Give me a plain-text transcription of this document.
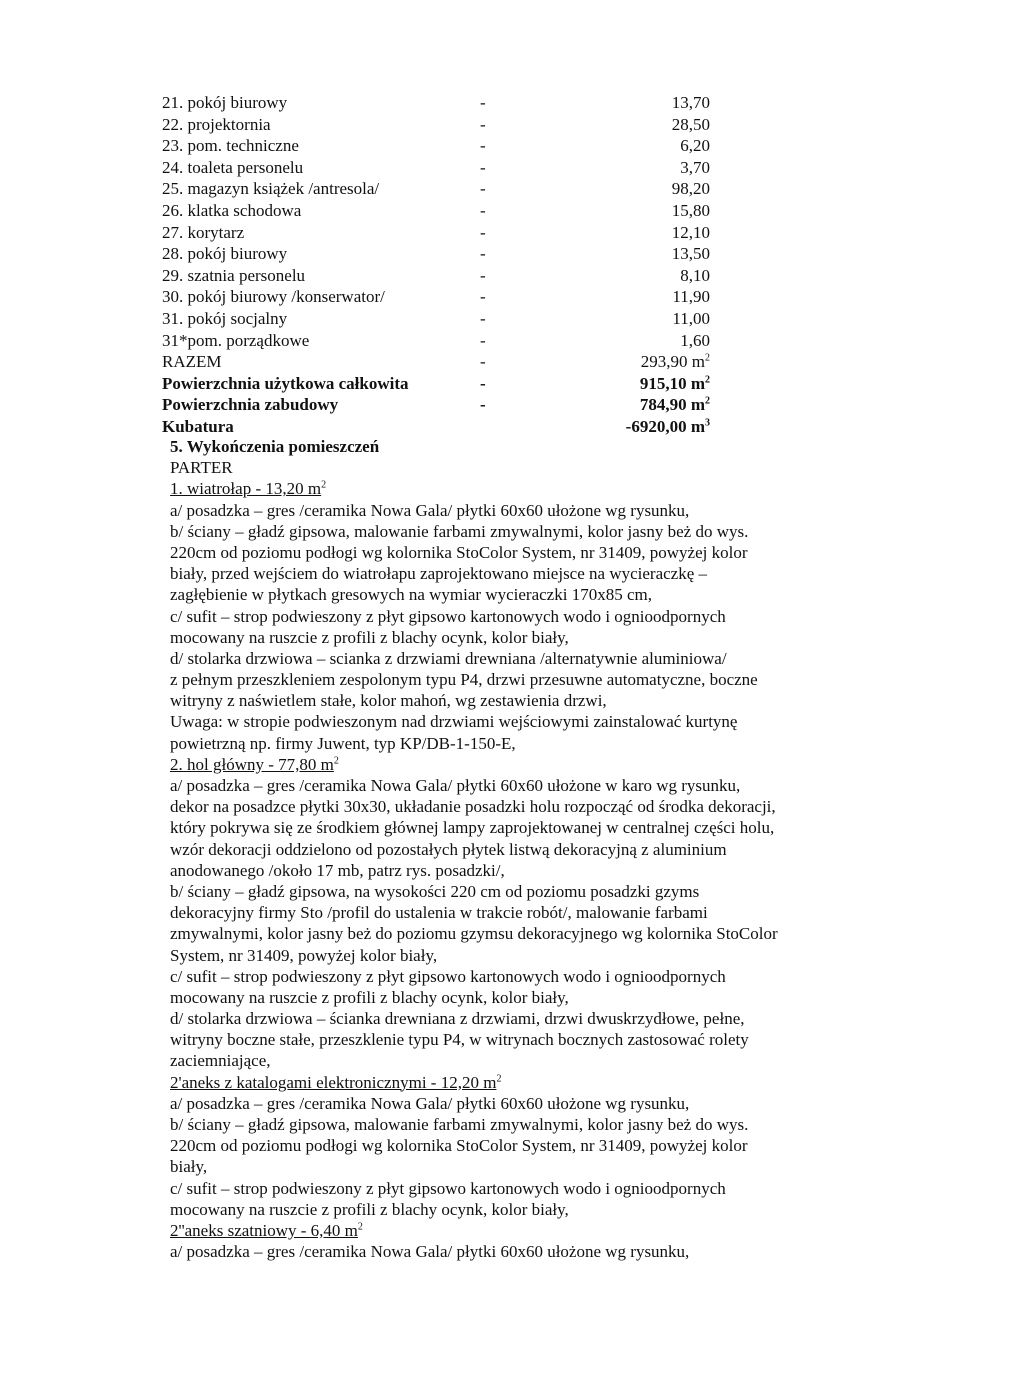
21. pokój biurowy	-	13,70
22. projektornia	-	28,50
23. pom. techniczne	-	6,20
24. toaleta personelu	-	3,70
25. magazyn książek /antresola/	-	98,20
26. klatka schodowa	-	15,80
27. korytarz	-	12,10
28. pokój biurowy	-	13,50
29. szatnia personelu	-	8,10
30. pokój biurowy /konserwator/	-	11,90
31. pokój socjalny	-	11,00
31*pom. porządkowe	-	1,60
RAZEM	-	293,90 $m^2$
Powierzchnia użytkowa całkowita	-	915,10 $m^2$
Powierzchnia zabudowy	-	784,90 $m^2$
Kubatura	-6920,00 $m^3$
5. Wykończenia pomieszczeń
PARTER
1. wiatrołap - 13,20 $m^2$
a/ posadzka – gres /ceramika Nowa Gala/ płytki 60x60 ułożone wg rysunku,
b/ ściany – gładź gipsowa, malowanie farbami zmywalnymi, kolor jasny beż do wys.
220cm od poziomu podłogi wg kolornika StoColor System, nr 31409, powyżej kolor
biały, przed wejściem do wiatrołapu zaprojektowano miejsce na wycieraczkę –
zagłębienie w płytkach gresowych na wymiar wycieraczki 170x85 cm,
c/ sufit – strop podwieszony z płyt gipsowo kartonowych wodo i ognioodpornych
mocowany na ruszcie z profili z blachy ocynk, kolor biały,
d/ stolarka drzwiowa – scianka z drzwiami drewniana /alternatywnie aluminiowa/
z pełnym przeszkleniem zespolonym typu P4, drzwi przesuwne automatyczne, boczne
witryny z naświetlem stałe, kolor mahoń, wg zestawienia drzwi,
Uwaga: w stropie podwieszonym nad drzwiami wejściowymi zainstalować kurtynę
powietrzną np. firmy Juwent, typ KP/DB-1-150-E,
2. hol główny - 77,80 $m^2$
a/ posadzka – gres /ceramika Nowa Gala/ płytki 60x60 ułożone w karo wg rysunku,
dekor na posadzce płytki 30x30, układanie posadzki holu rozpocząć od środka dekoracji,
który pokrywa się ze środkiem głównej lampy zaprojektowanej w centralnej części holu,
wzór dekoracji oddzielono od pozostałych płytek listwą dekoracyjną z aluminium
anodowanego /około 17 mb, patrz rys. posadzki/,
b/ ściany – gładź gipsowa, na wysokości 220 cm od poziomu posadzki gzyms
dekoracyjny firmy Sto /profil do ustalenia w trakcie robót/, malowanie farbami
zmywalnymi, kolor jasny beż do poziomu gzymsu dekoracyjnego wg kolornika StoColor
System, nr 31409, powyżej kolor biały,
c/ sufit – strop podwieszony z płyt gipsowo kartonowych wodo i ognioodpornych
mocowany na ruszcie z profili z blachy ocynk, kolor biały,
d/ stolarka drzwiowa – ścianka drewniana z drzwiami, drzwi dwuskrzydłowe, pełne,
witryny boczne stałe, przeszklenie typu P4, w witrynach bocznych zastosować rolety
zaciemniające,
2'aneks z katalogami elektronicznymi - 12,20 $m^2$
a/ posadzka – gres /ceramika Nowa Gala/ płytki 60x60 ułożone wg rysunku,
b/ ściany – gładź gipsowa, malowanie farbami zmywalnymi, kolor jasny beż do wys.
220cm od poziomu podłogi wg kolornika StoColor System, nr 31409, powyżej kolor
biały,
c/ sufit – strop podwieszony z płyt gipsowo kartonowych wodo i ognioodpornych
mocowany na ruszcie z profili z blachy ocynk, kolor biały,
2''aneks szatniowy - 6,40 $m^2$
a/ posadzka – gres /ceramika Nowa Gala/ płytki 60x60 ułożone wg rysunku,
